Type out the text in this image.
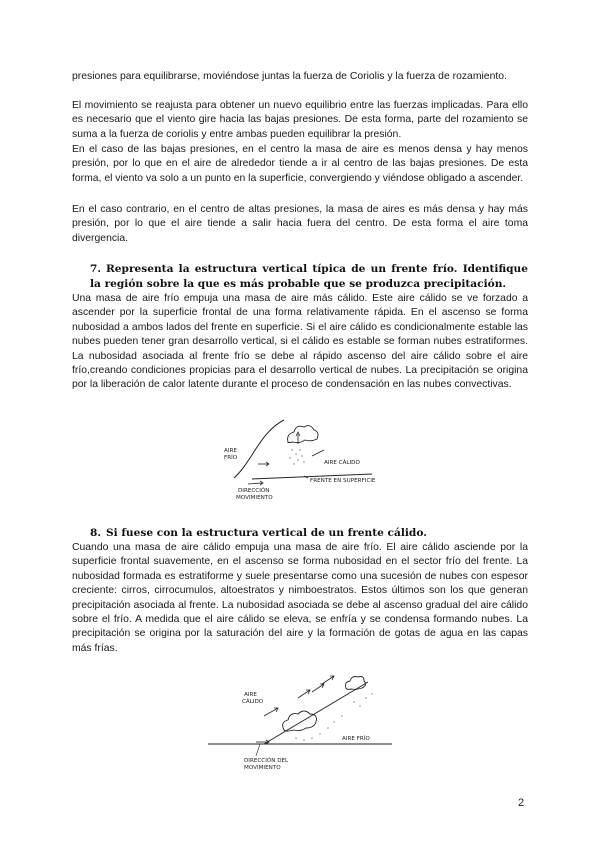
presiones para equilibrarse, moviéndose juntas la fuerza de Coriolis y la fuerza de rozamiento.

El movimiento se reajusta para obtener un nuevo equilibrio entre las fuerzas implicadas. Para ello es necesario que el viento gire hacia las bajas presiones. De esta forma, parte del rozamiento se suma a la fuerza de coriolis y entre ambas pueden equilibrar la presión.

En el caso de las bajas presiones, en el centro la masa de aire es menos densa y hay menos presión, por lo que en el aire de alrededor tiende a ir al centro de las bajas presiones. De esta forma, el viento va solo a un punto en la superficie, convergiendo y viéndose obligado a ascender.

En el caso contrario, en el centro de altas presiones, la masa de aires es más densa y hay más presión, por lo que el aire tiende a salir hacia fuera del centro. De esta forma el aire toma divergencia.

7. Representa la estructura vertical típica de un frente frío. Identifique la región sobre la que es más probable que se produzca precipitación.

Una masa de aire frío empuja una masa de aire más cálido. Este aire cálido se ve forzado a ascender por la superficie frontal de una forma relativamente rápida. En el ascenso se forma nubosidad a ambos lados del frente en superficie. Si el aire cálido es condicionalmente estable las nubes pueden tener gran desarrollo vertical, si el cálido es estable se forman nubes estratiformes. La nubosidad asociada al frente frío se debe al rápido ascenso del aire cálido sobre el aire frío,creando condiciones propicias para el desarrollo vertical de nubes. La precipitación se origina por la liberación de calor latente durante el proceso de condensación en las nubes convectivas.

AIRE
FRÍO
AIRE CÁLIDO
FRENTE EN SUPERFICIE
DIRECCIÓN
MOVIMIENTO
8. Si fuese con la estructura vertical de un frente cálido.

Cuando una masa de aire cálido empuja una masa de aire frío. El aire cálido asciende por la superficie frontal suavemente, en el ascenso se forma nubosidad en el sector frío del frente. La nubosidad formada es estratiforme y suele presentarse como una sucesión de nubes con espesor creciente: cirros, cirrocumulos, altoestratos y nimboestratos. Estos últimos son los que generan precipitación asociada al frente. La nubosidad asociada se debe al ascenso gradual del aire cálido sobre el frío. A medida que el aire cálido se eleva, se enfría y se condensa formando nubes. La precipitación se origina por la saturación del aire y la formación de gotas de agua en las capas más frías.

AIRE
CÁLIDO
AIRE FRÍO
DIRECCIÓN DEL
MOVIMIENTO
2
